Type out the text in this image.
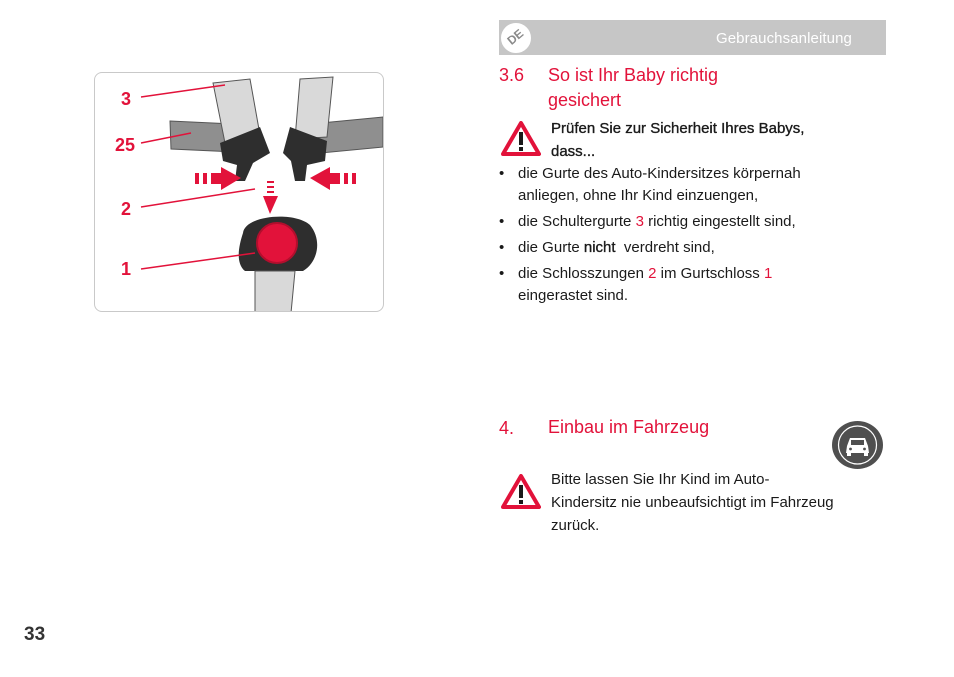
DE	Gebrauchsanleitung
3
25
2
1
3.6 So ist Ihr Baby richtig
gesichert
Prüfen Sie zur Sicherheit Ihres Babys,
dass...
• die Gurte des Auto-Kindersitzes körpernah
anliegen, ohne Ihr Kind einzuengen,
• die Schultergurte 3 richtig eingestellt sind,
• die Gurte nicht  verdreht sind,
• die Schlosszungen 2 im Gurtschloss 1
eingerastet sind.
4. Einbau im Fahrzeug
Bitte lassen Sie Ihr Kind im Auto-
Kindersitz nie unbeaufsichtigt im Fahrzeug
zurück.
33
